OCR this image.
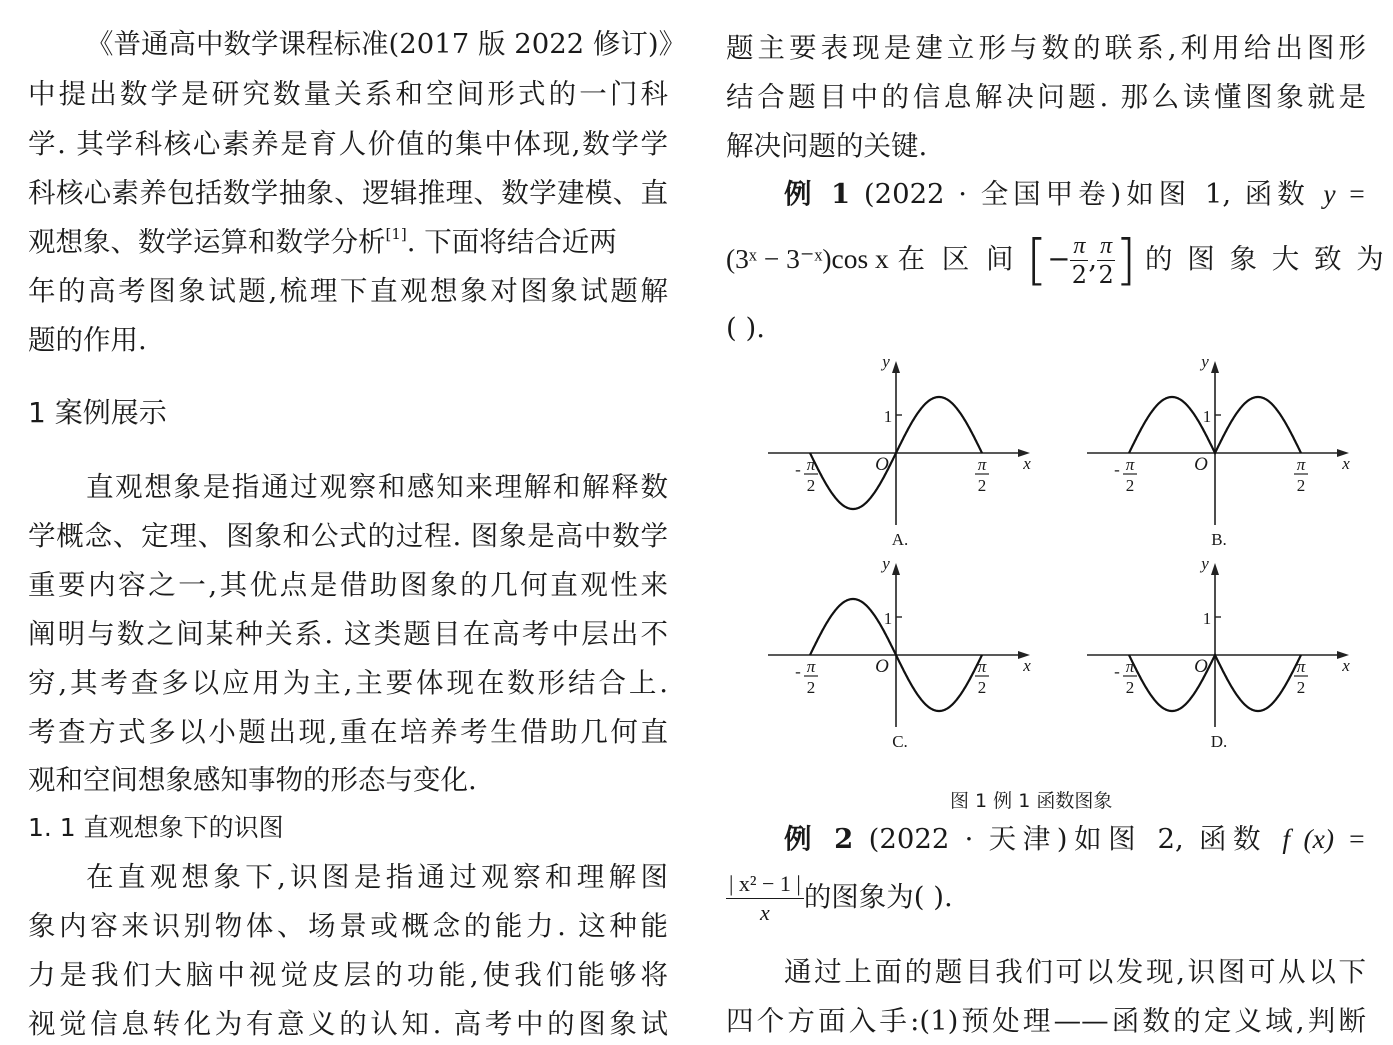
《普通高中数学课程标准(2017 版 2022 修订)》
中提出数学是研究数量关系和空间形式的一门科
学. 其学科核心素养是育人价值的集中体现,数学学
科核心素养包括数学抽象、逻辑推理、数学建模、直
观想象、数学运算和数学分析[1]. 下面将结合近两
年的高考图象试题,梳理下直观想象对图象试题解
题的作用.
1 案例展示
直观想象是指通过观察和感知来理解和解释数
学概念、定理、图象和公式的过程. 图象是高中数学
重要内容之一,其优点是借助图象的几何直观性来
阐明与数之间某种关系. 这类题目在高考中层出不
穷,其考查多以应用为主,主要体现在数形结合上.
考查方式多以小题出现,重在培养考生借助几何直
观和空间想象感知事物的形态与变化.
1. 1 直观想象下的识图
在直观想象下,识图是指通过观察和理解图
象内容来识别物体、场景或概念的能力. 这种能
力是我们大脑中视觉皮层的功能,使我们能够将
视觉信息转化为有意义的认知. 高考中的图象试
题主要表现是建立形与数的联系,利用给出图形
结合题目中的信息解决问题. 那么读懂图象就是
解决问题的关键.
例 1 (2022 · 全国甲卷)如图 1, 函数 y =
(3ˣ − 3⁻ˣ)cos x 在 区 间 [− $\frac{\pi}{2}$ , $\frac{\pi}{2}$ ] 的 图 象 大 致 为
( ).
例 2 (2022 · 天津)如图 2, 函数 f (x) =
$\frac{\text{| x² − 1 |}}{x}$ 的图象为( ).
通过上面的题目我们可以发现,识图可从以下
四个方面入手:(1)预处理——函数的定义域,判断
y
x
O
1
- π
2
π
2
A.
y
x
O
1
- π
2
π
2
B.
y
x
O
1
- π
2
π
2
C.
y
x
O
1
- π
2
π
2
D.
图 1 例 1 函数图象
